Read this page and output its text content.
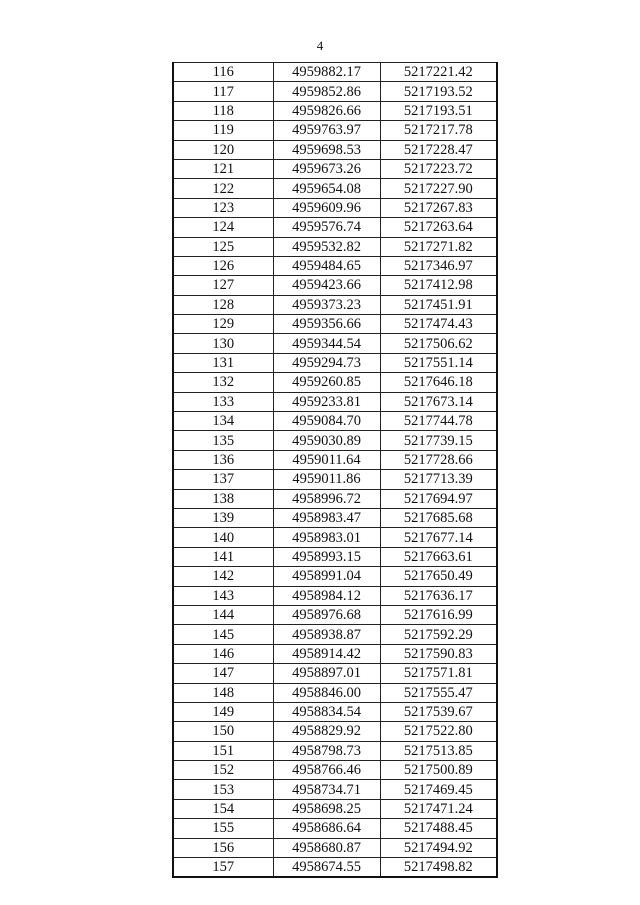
4
116	4959882.17	5217221.42
117	4959852.86	5217193.52
118	4959826.66	5217193.51
119	4959763.97	5217217.78
120	4959698.53	5217228.47
121	4959673.26	5217223.72
122	4959654.08	5217227.90
123	4959609.96	5217267.83
124	4959576.74	5217263.64
125	4959532.82	5217271.82
126	4959484.65	5217346.97
127	4959423.66	5217412.98
128	4959373.23	5217451.91
129	4959356.66	5217474.43
130	4959344.54	5217506.62
131	4959294.73	5217551.14
132	4959260.85	5217646.18
133	4959233.81	5217673.14
134	4959084.70	5217744.78
135	4959030.89	5217739.15
136	4959011.64	5217728.66
137	4959011.86	5217713.39
138	4958996.72	5217694.97
139	4958983.47	5217685.68
140	4958983.01	5217677.14
141	4958993.15	5217663.61
142	4958991.04	5217650.49
143	4958984.12	5217636.17
144	4958976.68	5217616.99
145	4958938.87	5217592.29
146	4958914.42	5217590.83
147	4958897.01	5217571.81
148	4958846.00	5217555.47
149	4958834.54	5217539.67
150	4958829.92	5217522.80
151	4958798.73	5217513.85
152	4958766.46	5217500.89
153	4958734.71	5217469.45
154	4958698.25	5217471.24
155	4958686.64	5217488.45
156	4958680.87	5217494.92
157	4958674.55	5217498.82
